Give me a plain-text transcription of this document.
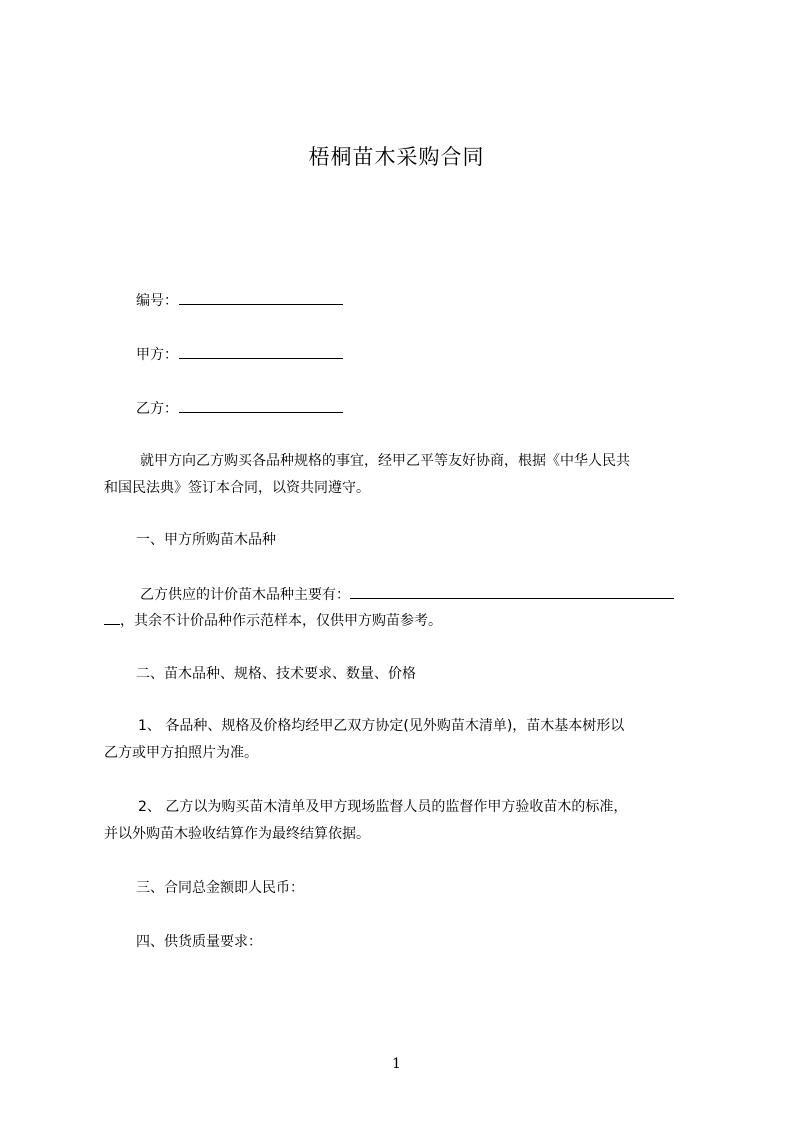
梧桐苗木采购合同
编号：
甲方：
乙方：
就甲方向乙方购买各品种规格的事宜，经甲乙平等友好协商，根据《中华人民共
和国民法典》签订本合同，以资共同遵守。
一、甲方所购苗木品种
乙方供应的计价苗木品种主要有：
，其余不计价品种作示范样本，仅供甲方购苗参考。
二、苗木品种、规格、技术要求、数量、价格
1、 各品种、规格及价格均经甲乙双方协定(见外购苗木清单)，苗木基本树形以
乙方或甲方拍照片为准。
2、 乙方以为购买苗木清单及甲方现场监督人员的监督作甲方验收苗木的标准，
并以外购苗木验收结算作为最终结算依据。
三、合同总金额即人民币：
四、供货质量要求：
1
